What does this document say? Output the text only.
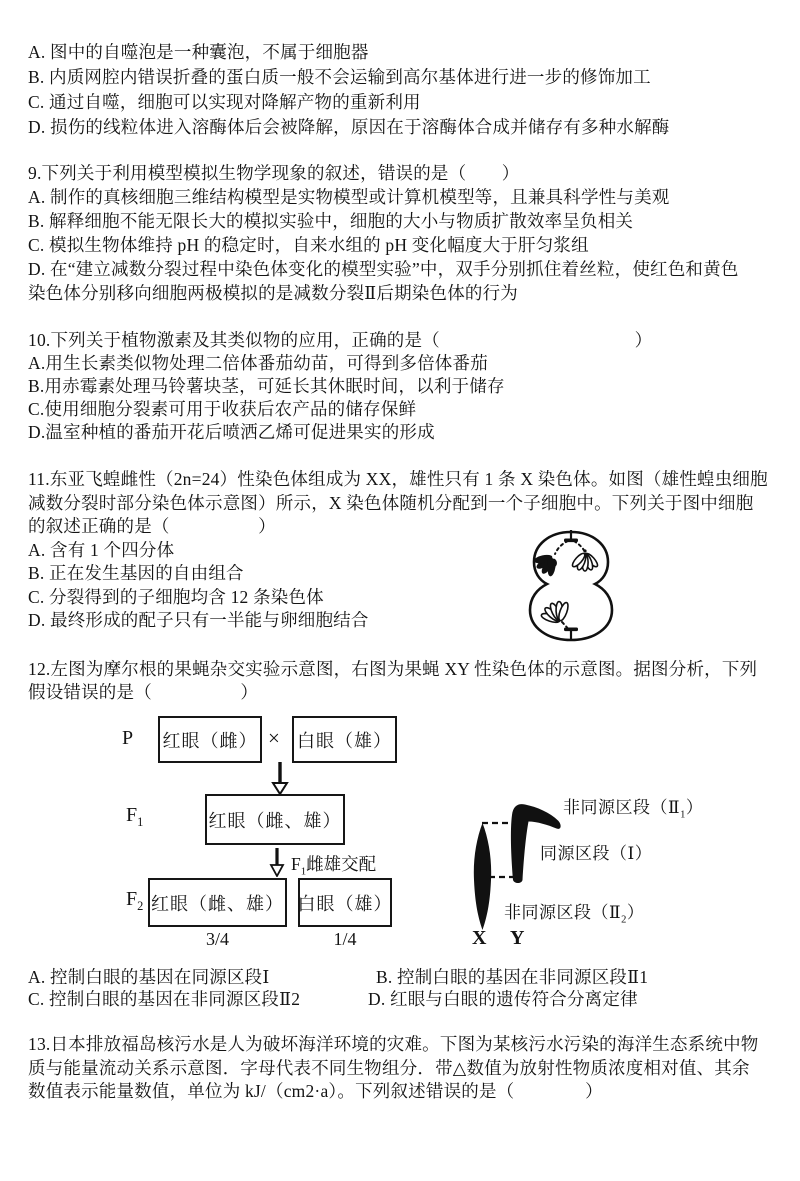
A. 图中的自噬泡是一种囊泡，不属于细胞器
B. 内质网腔内错误折叠的蛋白质一般不会运输到高尔基体进行进一步的修饰加工
C. 通过自噬，细胞可以实现对降解产物的重新利用
D. 损伤的线粒体进入溶酶体后会被降解，原因在于溶酶体合成并储存有多种水解酶
9.下列关于利用模型模拟生物学现象的叙述，错误的是（　　）
A. 制作的真核细胞三维结构模型是实物模型或计算机模型等，且兼具科学性与美观
B. 解释细胞不能无限长大的模拟实验中，细胞的大小与物质扩散效率呈负相关
C. 模拟生物体维持 pH 的稳定时，自来水组的 pH 变化幅度大于肝匀浆组
D. 在“建立减数分裂过程中染色体变化的模型实验”中，双手分别抓住着丝粒，使红色和黄色
染色体分别移向细胞两极模拟的是减数分裂Ⅱ后期染色体的行为
10.下列关于植物激素及其类似物的应用，正确的是（　　　　　　　　　　　）
A.用生长素类似物处理二倍体番茄幼苗，可得到多倍体番茄
B.用赤霉素处理马铃薯块茎，可延长其休眠时间，以利于储存
C.使用细胞分裂素可用于收获后农产品的储存保鲜
D.温室种植的番茄开花后喷洒乙烯可促进果实的形成
11.东亚飞蝗雌性（2n=24）性染色体组成为 XX，雄性只有 1 条 X 染色体。如图（雄性蝗虫细胞
减数分裂时部分染色体示意图）所示，X 染色体随机分配到一个子细胞中。下列关于图中细胞
的叙述正确的是（　　　　　）
A. 含有 1 个四分体
B. 正在发生基因的自由组合
C. 分裂得到的子细胞均含 12 条染色体
D. 最终形成的配子只有一半能与卵细胞结合
12.左图为摩尔根的果蝇杂交实验示意图，右图为果蝇 XY 性染色体的示意图。据图分析，下列
假设错误的是（　　　　　）
P 红眼（雌） × 白眼（雄）
$F_1$	红眼（雌、雄）
$F_1$雌雄交配
$F_2$ 红眼（雌、雄） 白眼（雄）
3/4	1/4
非同源区段$(Ⅱ_1)$
同源区段（Ⅰ）
非同源区段$(Ⅱ_2)$
X Y
A. 控制白眼的基因在同源区段Ⅰ	B. 控制白眼的基因在非同源区段Ⅱ1
C. 控制白眼的基因在非同源区段Ⅱ2	D. 红眼与白眼的遗传符合分离定律
13.日本排放福岛核污水是人为破坏海洋环境的灾难。下图为某核污水污染的海洋生态系统中物
质与能量流动关系示意图．字母代表不同生物组分．带△数值为放射性物质浓度相对值、其余
数值表示能量数值，单位为 kJ/（cm2·a）。下列叙述错误的是（　　　　）
